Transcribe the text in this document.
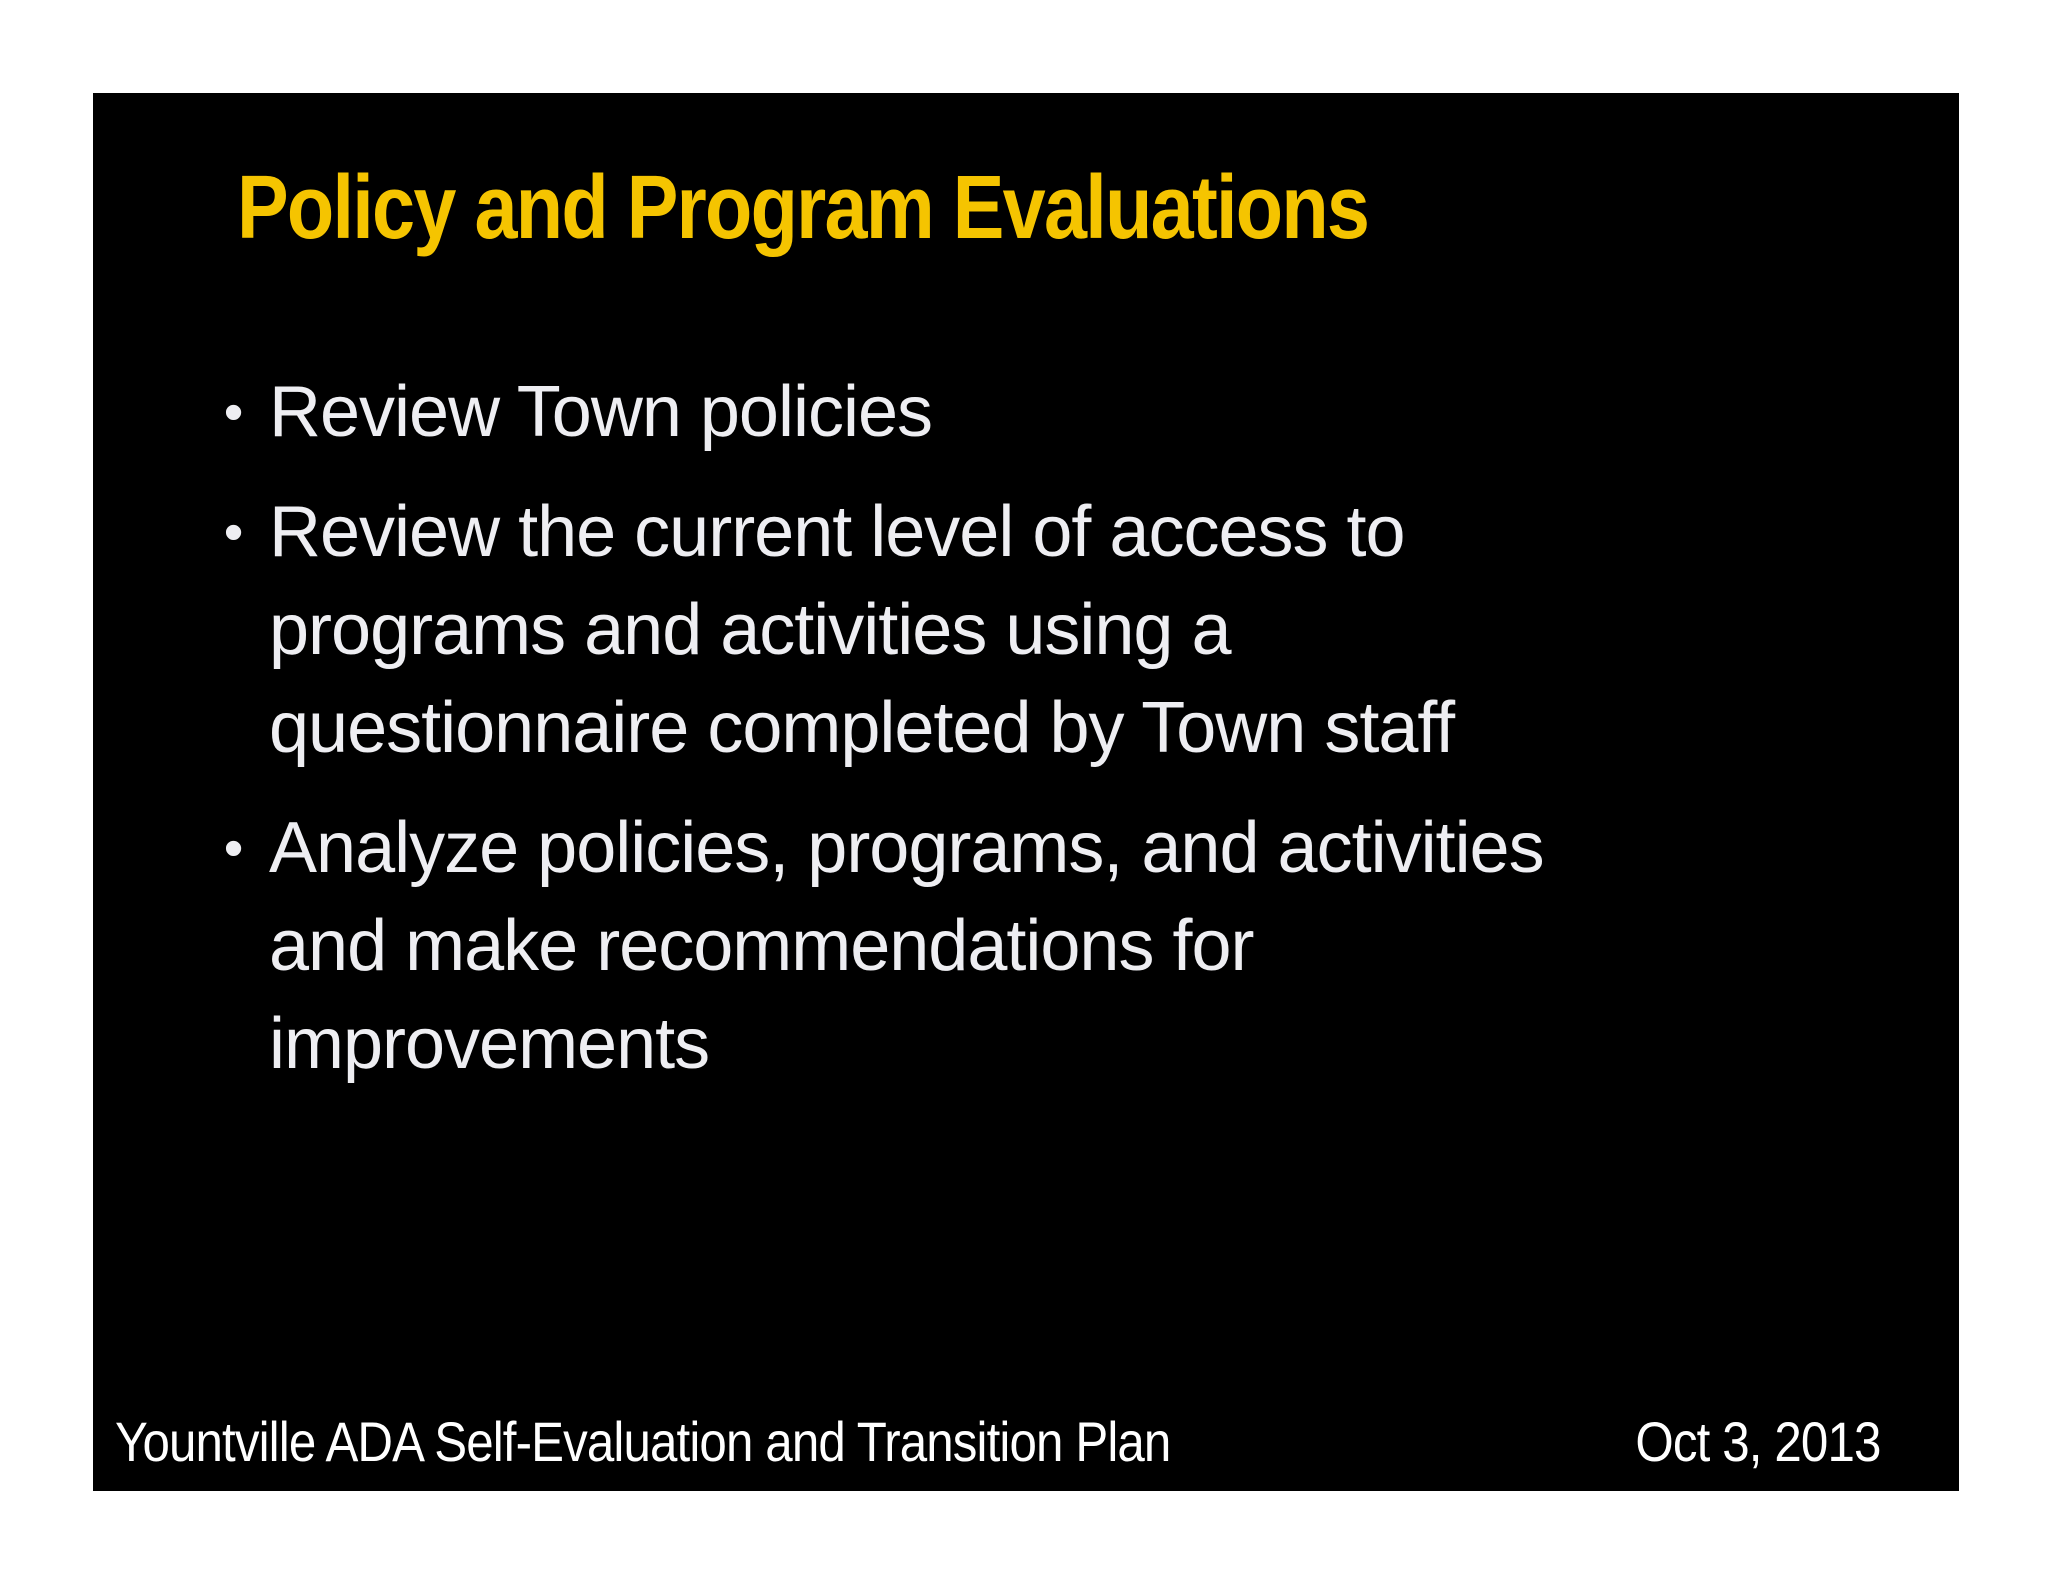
Policy and Program Evaluations
• Review Town policies
• Review the current level of access to
programs and activities using a
questionnaire completed by Town staff
• Analyze policies, programs, and activities
and make recommendations for
improvements
Yountville ADA Self-Evaluation and Transition Plan	Oct 3, 2013
